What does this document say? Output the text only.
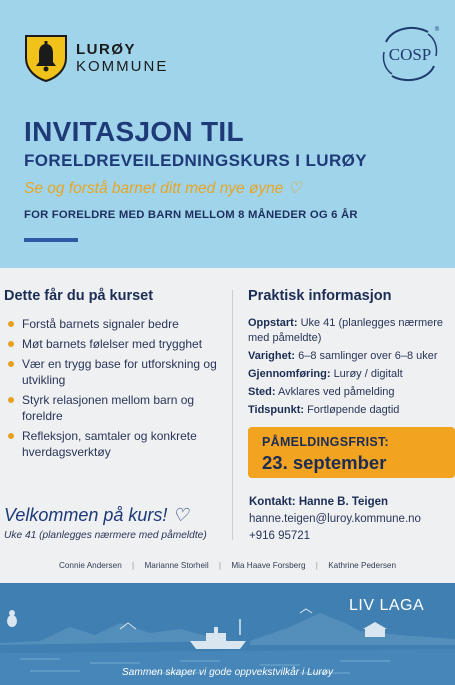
LURØY
KOMMUNE
COSP
®
INVITASJON TIL
FORELDREVEILEDNINGSKURS I LURØY
Se og forstå barnet ditt med nye øyne ♡
FOR FORELDRE MED BARN MELLOM 8 MÅNEDER OG 6 ÅR
Dette får du på kurset	Praktisk informasjon
Forstå barnets signaler bedre
Møt barnets følelser med trygghet
Vær en trygg base for utforskning og utvikling
Styrk relasjonen mellom barn og foreldre
Refleksjon, samtaler og konkrete hverdagsverktøy
Oppstart: Uke 41 (planlegges nærmere med påmeldte)
Varighet: 6–8 samlinger over 6–8 uker
Gjennomføring: Lurøy / digitalt
Sted: Avklares ved påmelding
Tidspunkt: Fortløpende dagtid
PÅMELDINGSFRIST:
23. september
Kontakt: Hanne B. Teigen
hanne.teigen@luroy.kommune.no
+916 95721
Velkommen på kurs! ♡
Uke 41 (planlegges nærmere med påmeldte)
Connie Andersen | Marianne Storheil | Mia Haave Forsberg | Kathrine Pedersen
LIV LAGA
Sammen skaper vi gode oppvekstvilkår i Lurøy
